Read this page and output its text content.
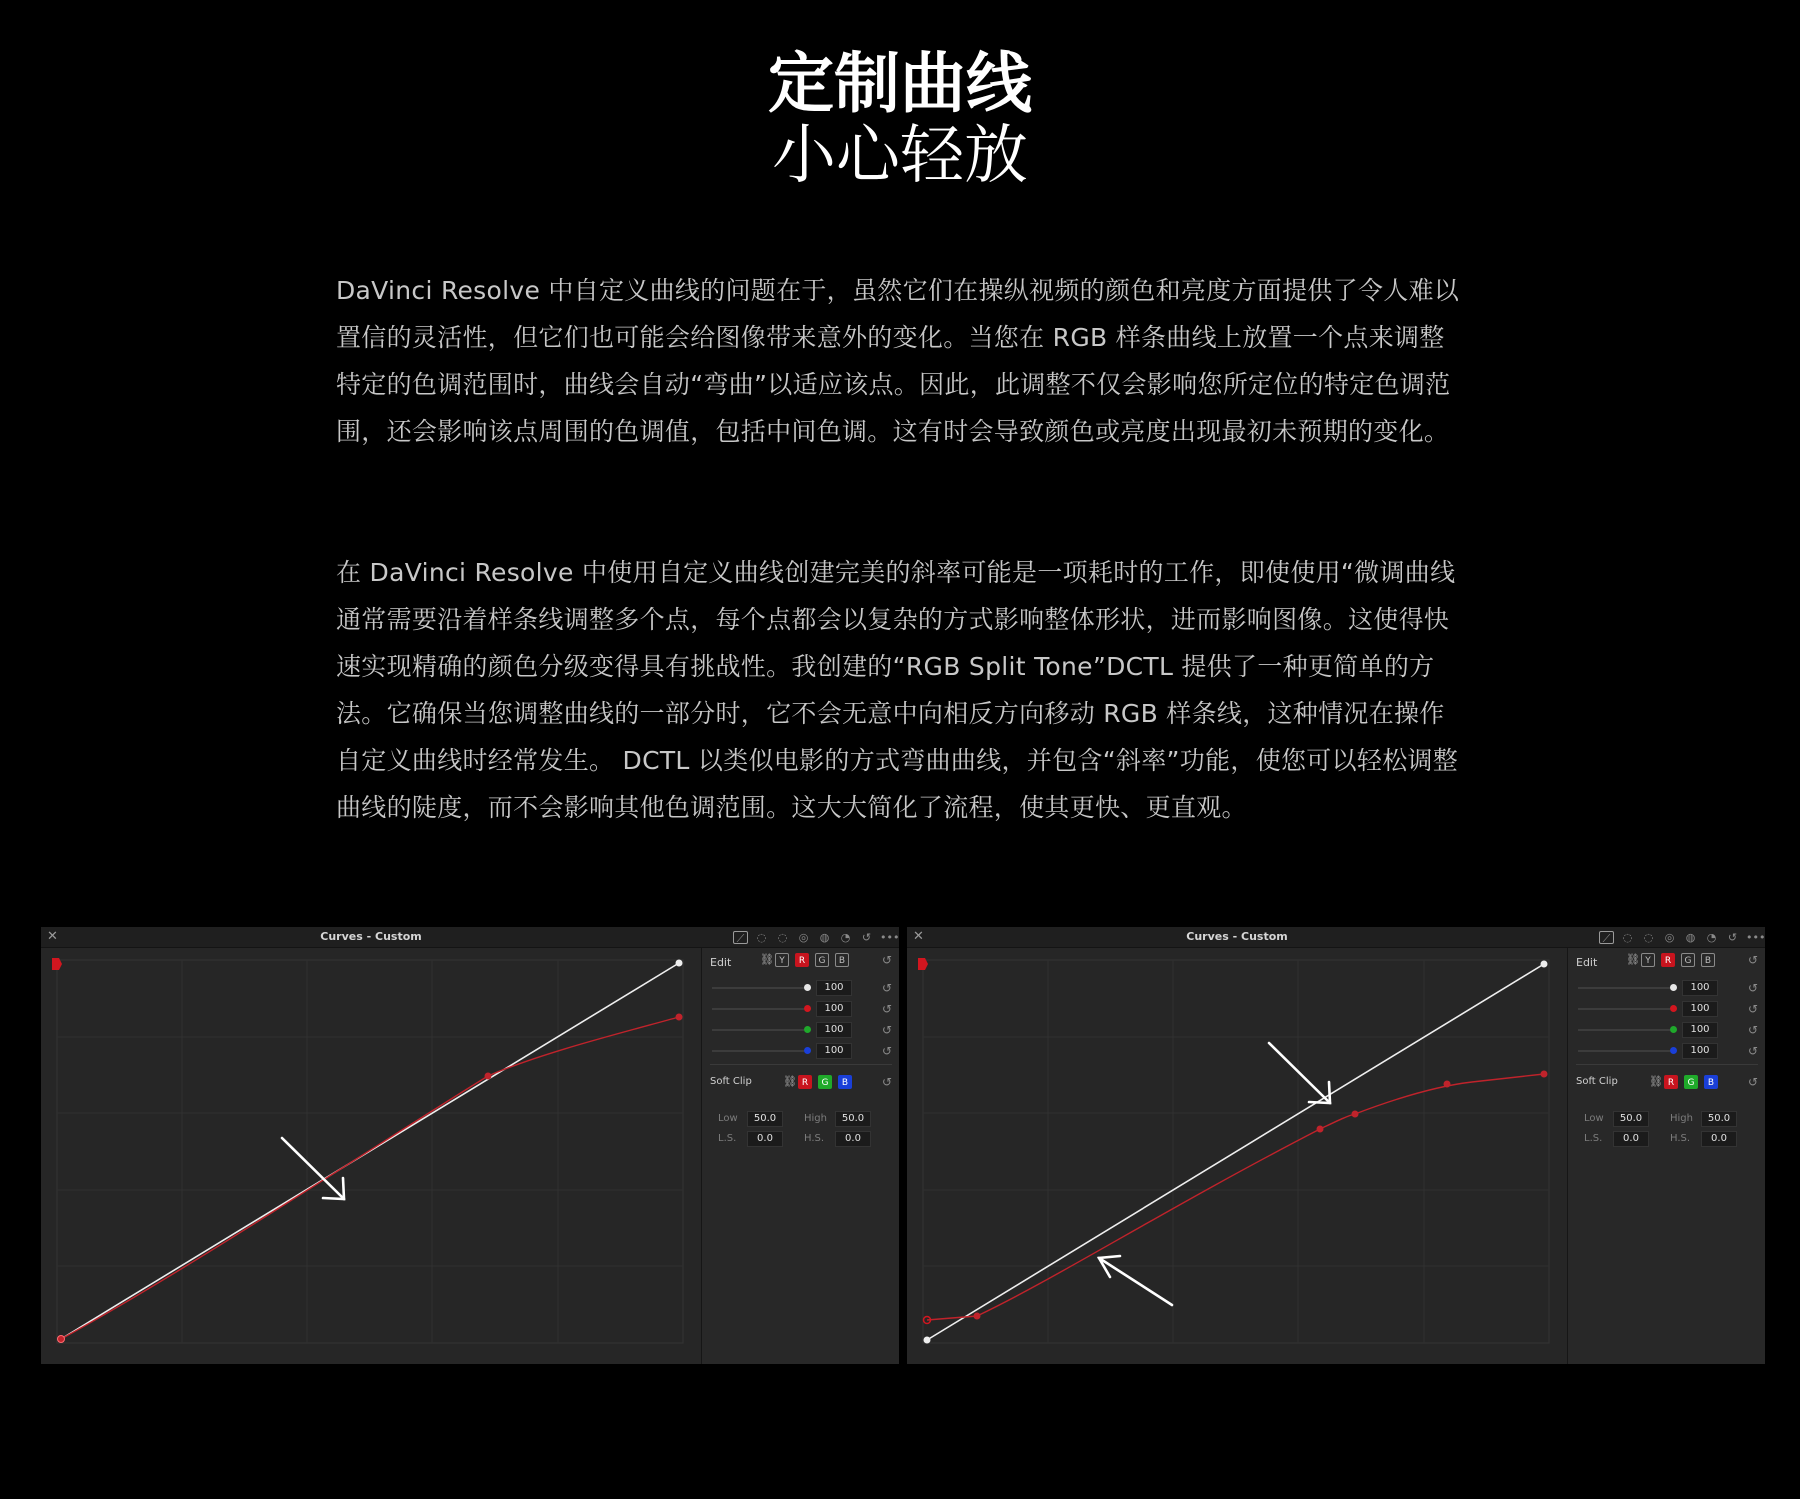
定制曲线
小心轻放

DaVinci Resolve 中自定义曲线的问题在于，虽然它们在操纵视频的颜色和亮度方面提供了令人难以置信的灵活性，但它们也可能会给图像带来意外的变化。当您在 RGB 样条曲线上放置一个点来调整特定的色调范围时，曲线会自动“弯曲”以适应该点。因此，此调整不仅会影响您所定位的特定色调范围，还会影响该点周围的色调值，包括中间色调。这有时会导致颜色或亮度出现最初未预期的变化。

在 DaVinci Resolve 中使用自定义曲线创建完美的斜率可能是一项耗时的工作，即使使用“微调曲线通常需要沿着样条线调整多个点，每个点都会以复杂的方式影响整体形状，进而影响图像。这使得快速实现精确的颜色分级变得具有挑战性。我创建的“RGB Split Tone”DCTL 提供了一种更简单的方法。它确保当您调整曲线的一部分时，它不会无意中向相反方向移动 RGB 样条线，这种情况在操作自定义曲线时经常发生。 DCTL 以类似电影的方式弯曲曲线，并包含“斜率”功能，使您可以轻松调整曲线的陡度，而不会影响其他色调范围。这大大简化了流程，使其更快、更直观。

✕	Curves - Custom	⟋	◌ ◌ ◎ ◍ ◔ ↺ •••
Edit	⛓ Y	R	G	B	↺
100	↺
100	↺
100	↺
100	↺
Soft Clip	⛓ R	G	B	↺
Low	50.0	High	50.0
L.S.	0.0	H.S.	0.0
✕	Curves - Custom	⟋	◌ ◌ ◎ ◍ ◔ ↺ •••
Edit	⛓ Y	R	G	B	↺
100	↺
100	↺
100	↺
100	↺
Soft Clip	⛓ R	G	B	↺
Low	50.0	High	50.0
L.S.	0.0	H.S.	0.0
